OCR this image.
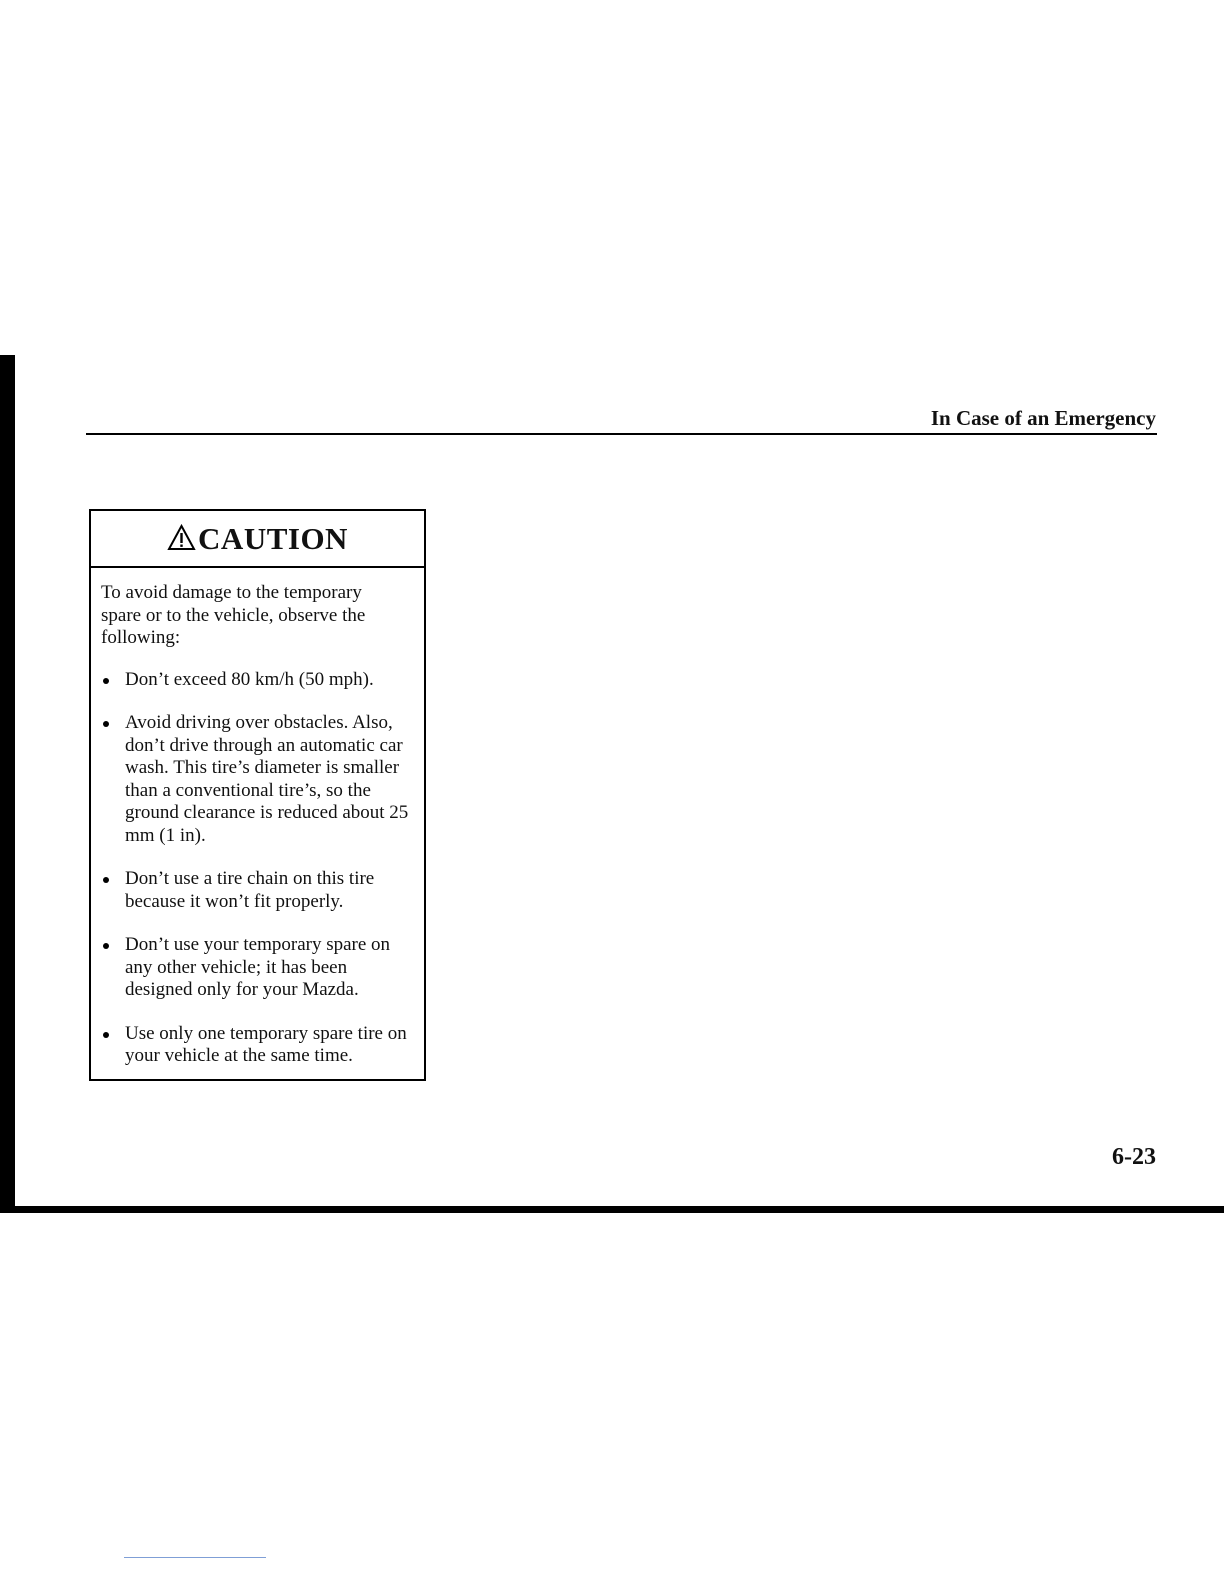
In Case of an Emergency
CAUTION

To avoid damage to the temporary spare or to the vehicle, observe the following:

Don’t exceed 80 km/h (50 mph).
Avoid driving over obstacles. Also, don’t drive through an automatic car wash. This tire’s diameter is smaller than a conventional tire’s, so the ground clearance is reduced about 25 mm (1 in).
Don’t use a tire chain on this tire because it won’t fit properly.
Don’t use your temporary spare on any other vehicle; it has been designed only for your Mazda.
Use only one temporary spare tire on your vehicle at the same time.
6-23
